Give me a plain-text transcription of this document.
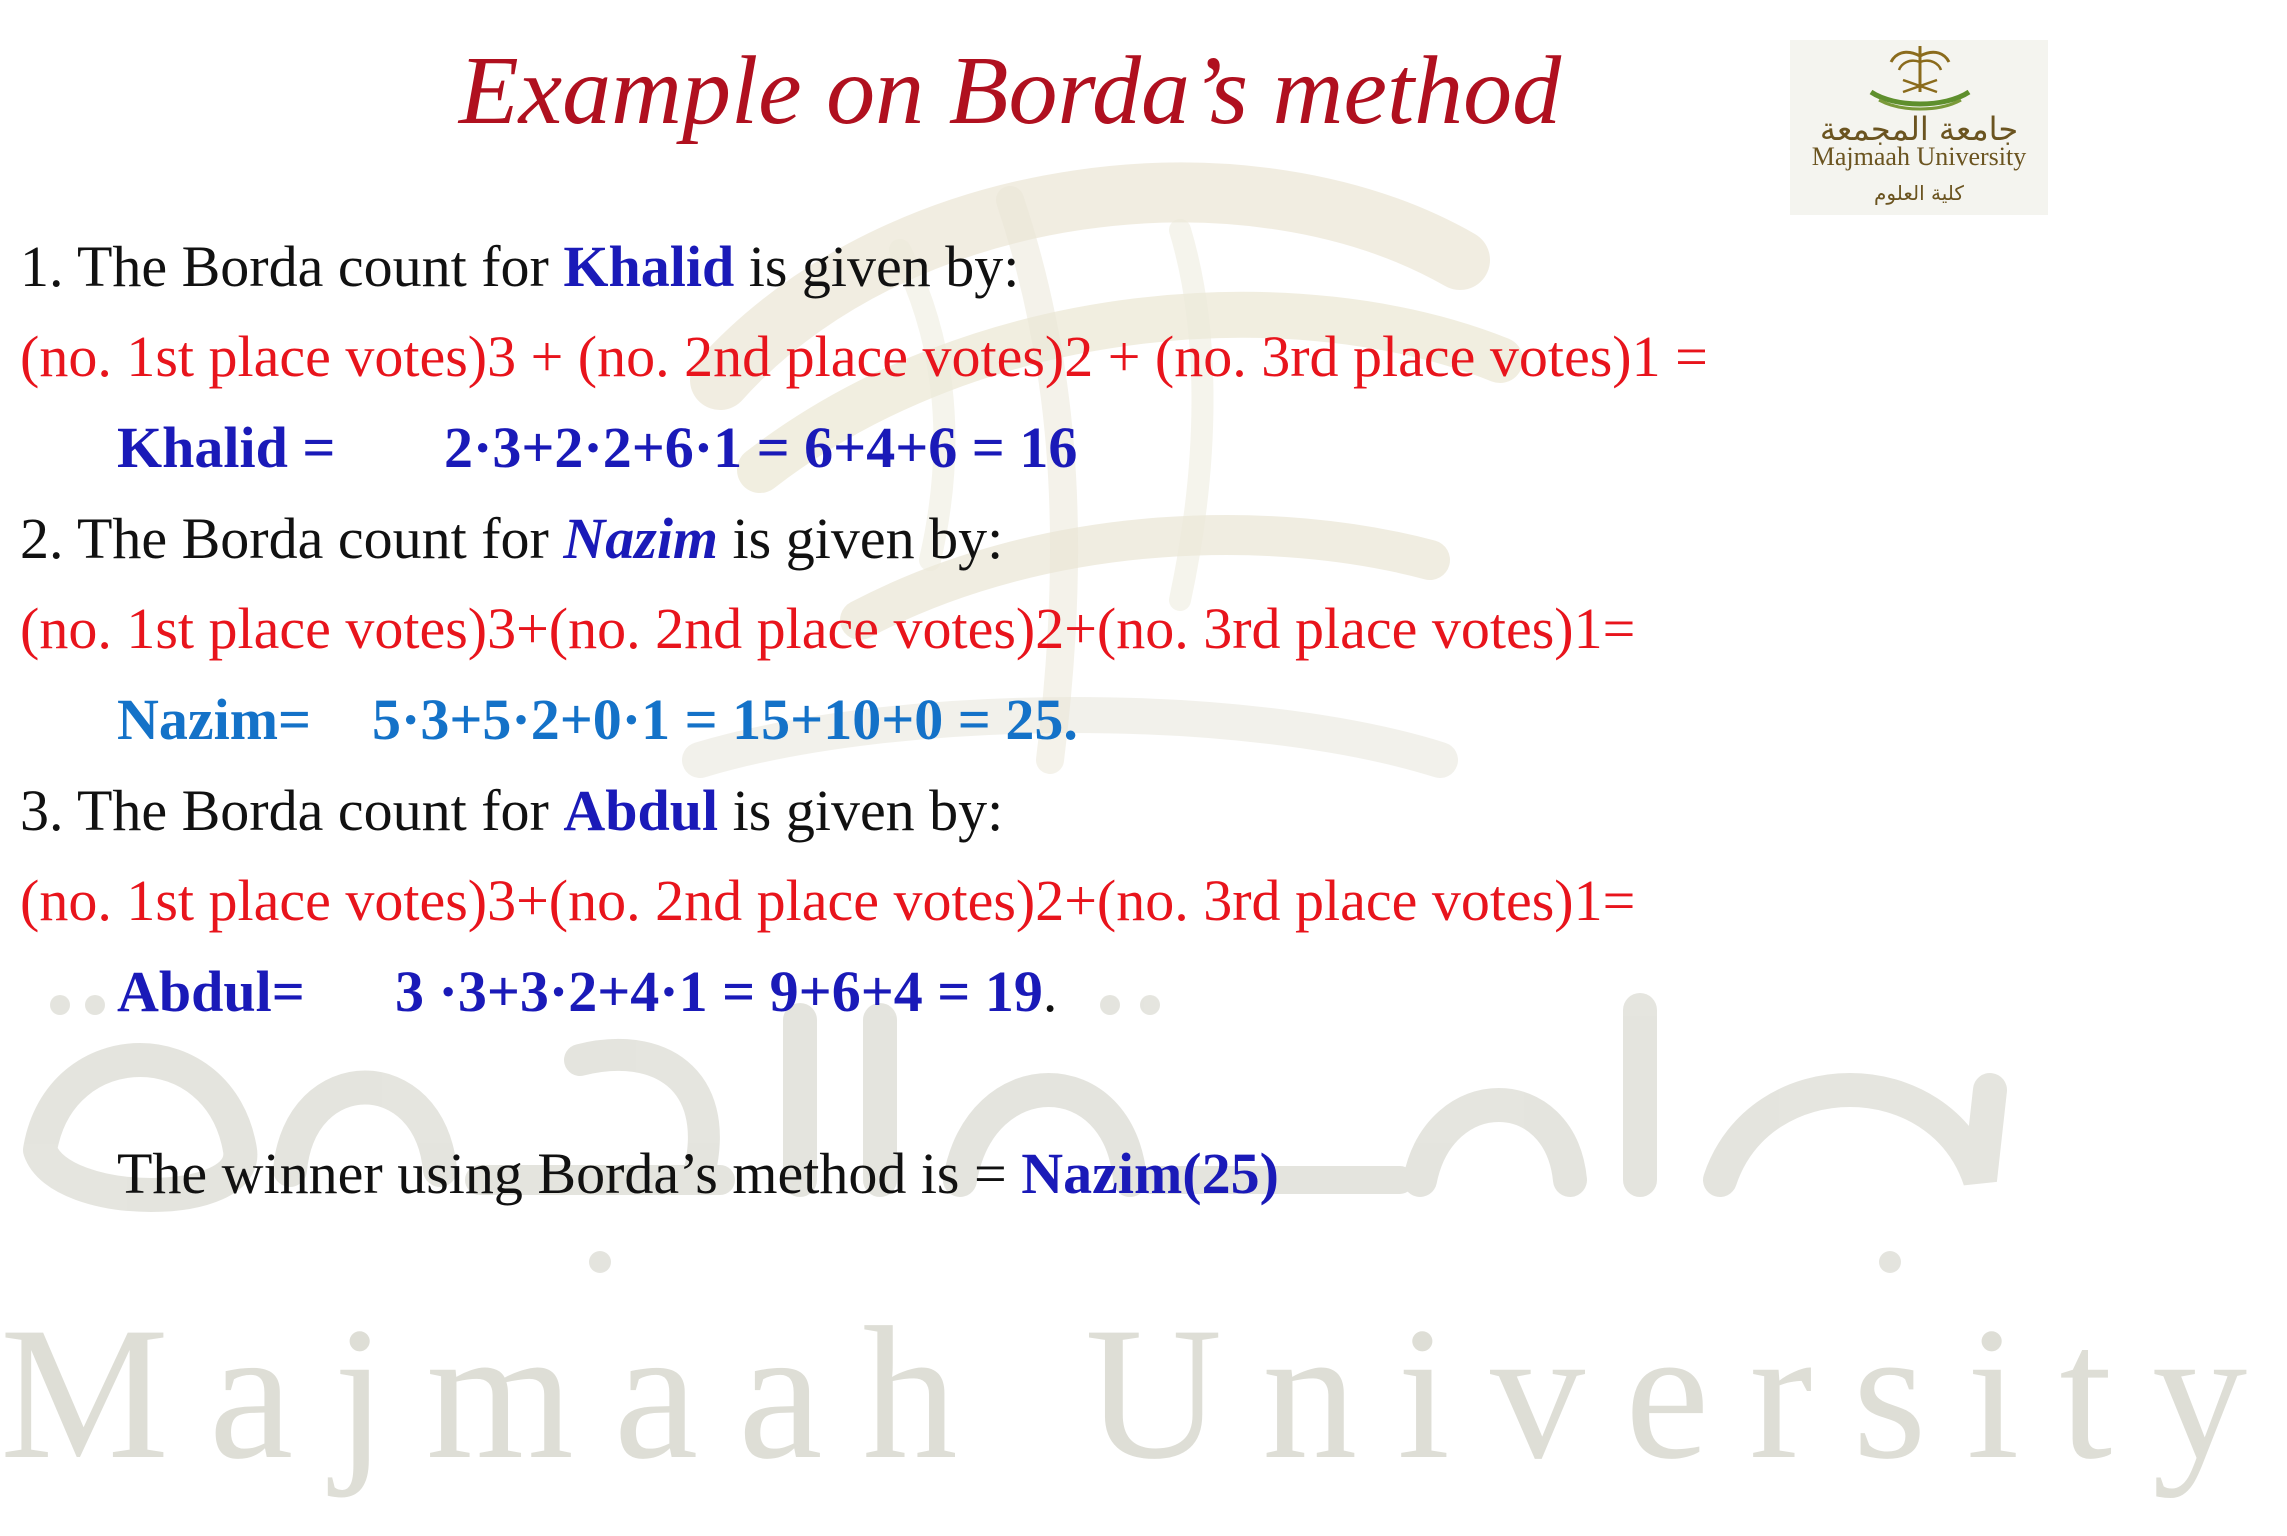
Majmaah University
Example on Borda’s method	جامعة المجمعة
Majmaah University
كلية العلوم
1. The Borda count for Khalid is given by:
(no. 1st place votes)3 + (no. 2nd place votes)2 + (no. 3rd place votes)1 =
Khalid = 2·3+2·2+6·1 = 6+4+6 = 16
2. The Borda count for Nazim is given by:
(no. 1st place votes)3+(no. 2nd place votes)2+(no. 3rd place votes)1=
Nazim= 5·3+5·2+0·1 = 15+10+0 = 25.
3. The Borda count for Abdul is given by:
(no. 1st place votes)3+(no. 2nd place votes)2+(no. 3rd place votes)1=
Abdul= 3 ·3+3·2+4·1 = 9+6+4 = 19.
The winner using Borda’s method is = Nazim(25)
